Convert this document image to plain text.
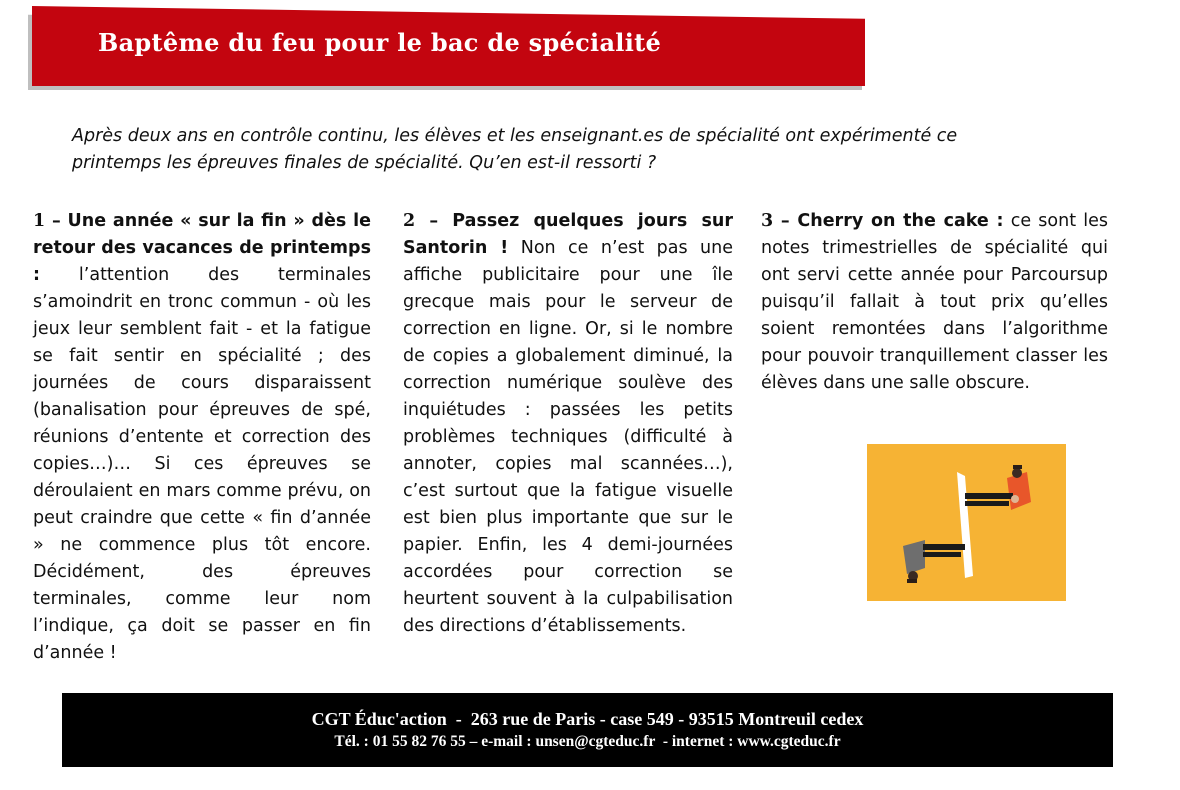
Baptême du feu pour le bac de spécialité

Après deux ans en contrôle continu, les élèves et les enseignant.es de spécialité ont expérimenté ce printemps les épreuves finales de spécialité. Qu’en est-il ressorti ?

1 – Une année « sur la fin » dès le retour des vacances de printemps : l’attention des terminales s’amoindrit en tronc commun - où les jeux leur semblent fait - et la fatigue se fait sentir en spécialité ; des journées de cours disparaissent (banalisation pour épreuves de spé, réunions d’entente et correction des copies…)… Si ces épreuves se déroulaient en mars comme prévu, on peut craindre que cette « fin d’année » ne commence plus tôt encore. Décidément, des épreuves terminales, comme leur nom l’indique, ça doit se passer en fin d’année !

2 – Passez quelques jours sur Santorin ! Non ce n’est pas une affiche publicitaire pour une île grecque mais pour le serveur de correction en ligne. Or, si le nombre de copies a globalement diminué, la correction numérique soulève des inquiétudes : passées les petits problèmes techniques (difficulté à annoter, copies mal scannées…), c’est surtout que la fatigue visuelle est bien plus importante que sur le papier. Enfin, les 4 demi-journées accordées pour correction se heurtent souvent à la culpabilisation des directions d’établissements.

3 – Cherry on the cake : ce sont les notes trimestrielles de spécialité qui ont servi cette année pour Parcoursup puisqu’il fallait à tout prix qu’elles soient remontées dans l’algorithme pour pouvoir tranquillement classer les élèves dans une salle obscure.

CGT Éduc'action  -  263 rue de Paris - case 549 - 93515 Montreuil cedex
Tél. : 01 55 82 76 55 – e-mail : unsen@cgteduc.fr  - internet : www.cgteduc.fr
